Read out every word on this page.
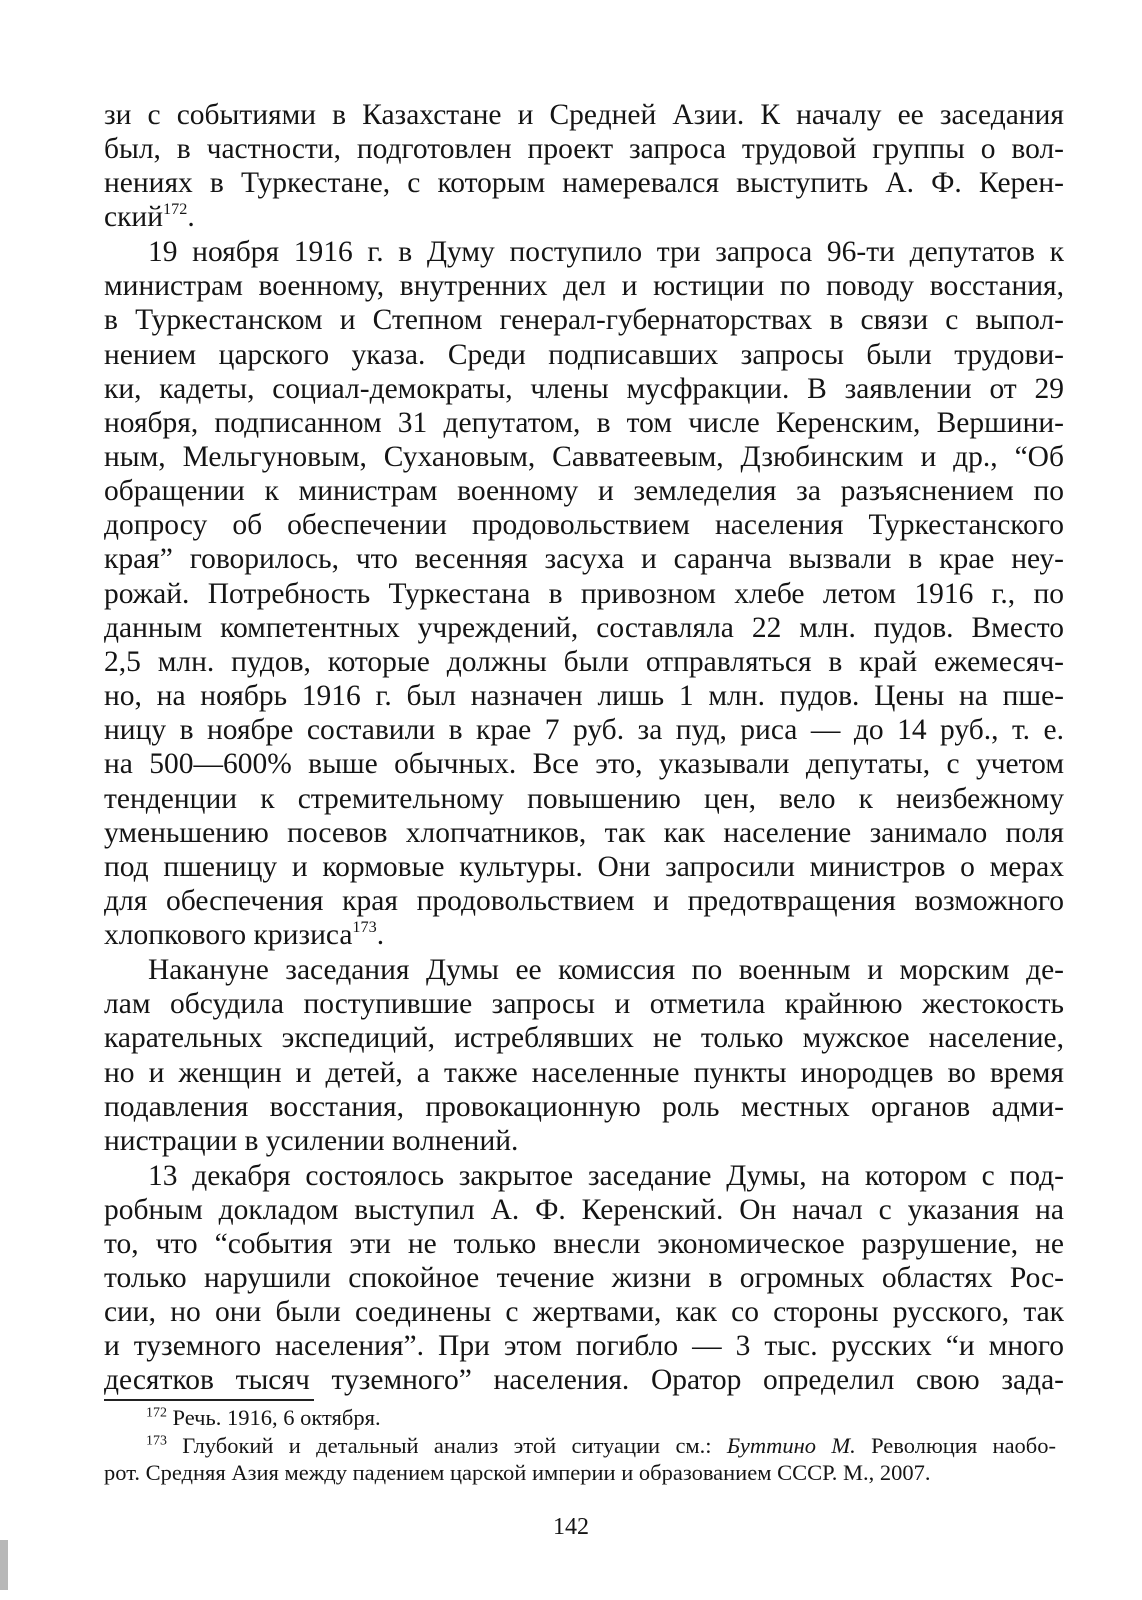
зи с событиями в Казахстане и Средней Азии. К началу ее заседания
был, в частности, подготовлен проект запроса трудовой группы о вол-
нениях в Туркестане, с которым намеревался выступить А. Ф. Керен-
ский$^{172}$.
19 ноября 1916 г. в Думу поступило три запроса 96-ти депутатов к
министрам военному, внутренних дел и юстиции по поводу восстания,
в Туркестанском и Степном генерал-губернаторствах в связи с выпол-
нением царского указа. Среди подписавших запросы были трудови-
ки, кадеты, социал-демократы, члены мусфракции. В заявлении от 29
ноября, подписанном 31 депутатом, в том числе Керенским, Вершини-
ным, Мельгуновым, Сухановым, Савватеевым, Дзюбинским и др., “Об
обращении к министрам военному и земледелия за разъяснением по
допросу об обеспечении продовольствием населения Туркестанского
края” говорилось, что весенняя засуха и саранча вызвали в крае неу-
рожай. Потребность Туркестана в привозном хлебе летом 1916 г., по
данным компетентных учреждений, составляла 22 млн. пудов. Вместо
2,5 млн. пудов, которые должны были отправляться в край ежемесяч-
но, на ноябрь 1916 г. был назначен лишь 1 млн. пудов. Цены на пше-
ницу в ноябре составили в крае 7 руб. за пуд, риса — до 14 руб., т. е.
на 500—600% выше обычных. Все это, указывали депутаты, с учетом
тенденции к стремительному повышению цен, вело к неизбежному
уменьшению посевов хлопчатников, так как население занимало поля
под пшеницу и кормовые культуры. Они запросили министров о мерах
для обеспечения края продовольствием и предотвращения возможного
хлопкового кризиса$^{173}$.
Накануне заседания Думы ее комиссия по военным и морским де-
лам обсудила поступившие запросы и отметила крайнюю жестокость
карательных экспедиций, истреблявших не только мужское население,
но и женщин и детей, а также населенные пункты инородцев во время
подавления восстания, провокационную роль местных органов адми-
нистрации в усилении волнений.
13 декабря состоялось закрытое заседание Думы, на котором с под-
робным докладом выступил А. Ф. Керенский. Он начал с указания на
то, что “события эти не только внесли экономическое разрушение, не
только нарушили спокойное течение жизни в огромных областях Рос-
сии, но они были соединены с жертвами, как со стороны русского, так
и туземного населения”. При этом погибло — 3 тыс. русских “и много
десятков тысяч туземного” населения. Оратор определил свою зада-
$^{172}$ Речь. 1916, 6 октября.
$^{173}$ Глубокий и детальный анализ этой ситуации см.: Буттино М. Революция наобо-
рот. Средняя Азия между падением царской империи и образованием СССР. М., 2007.
142
